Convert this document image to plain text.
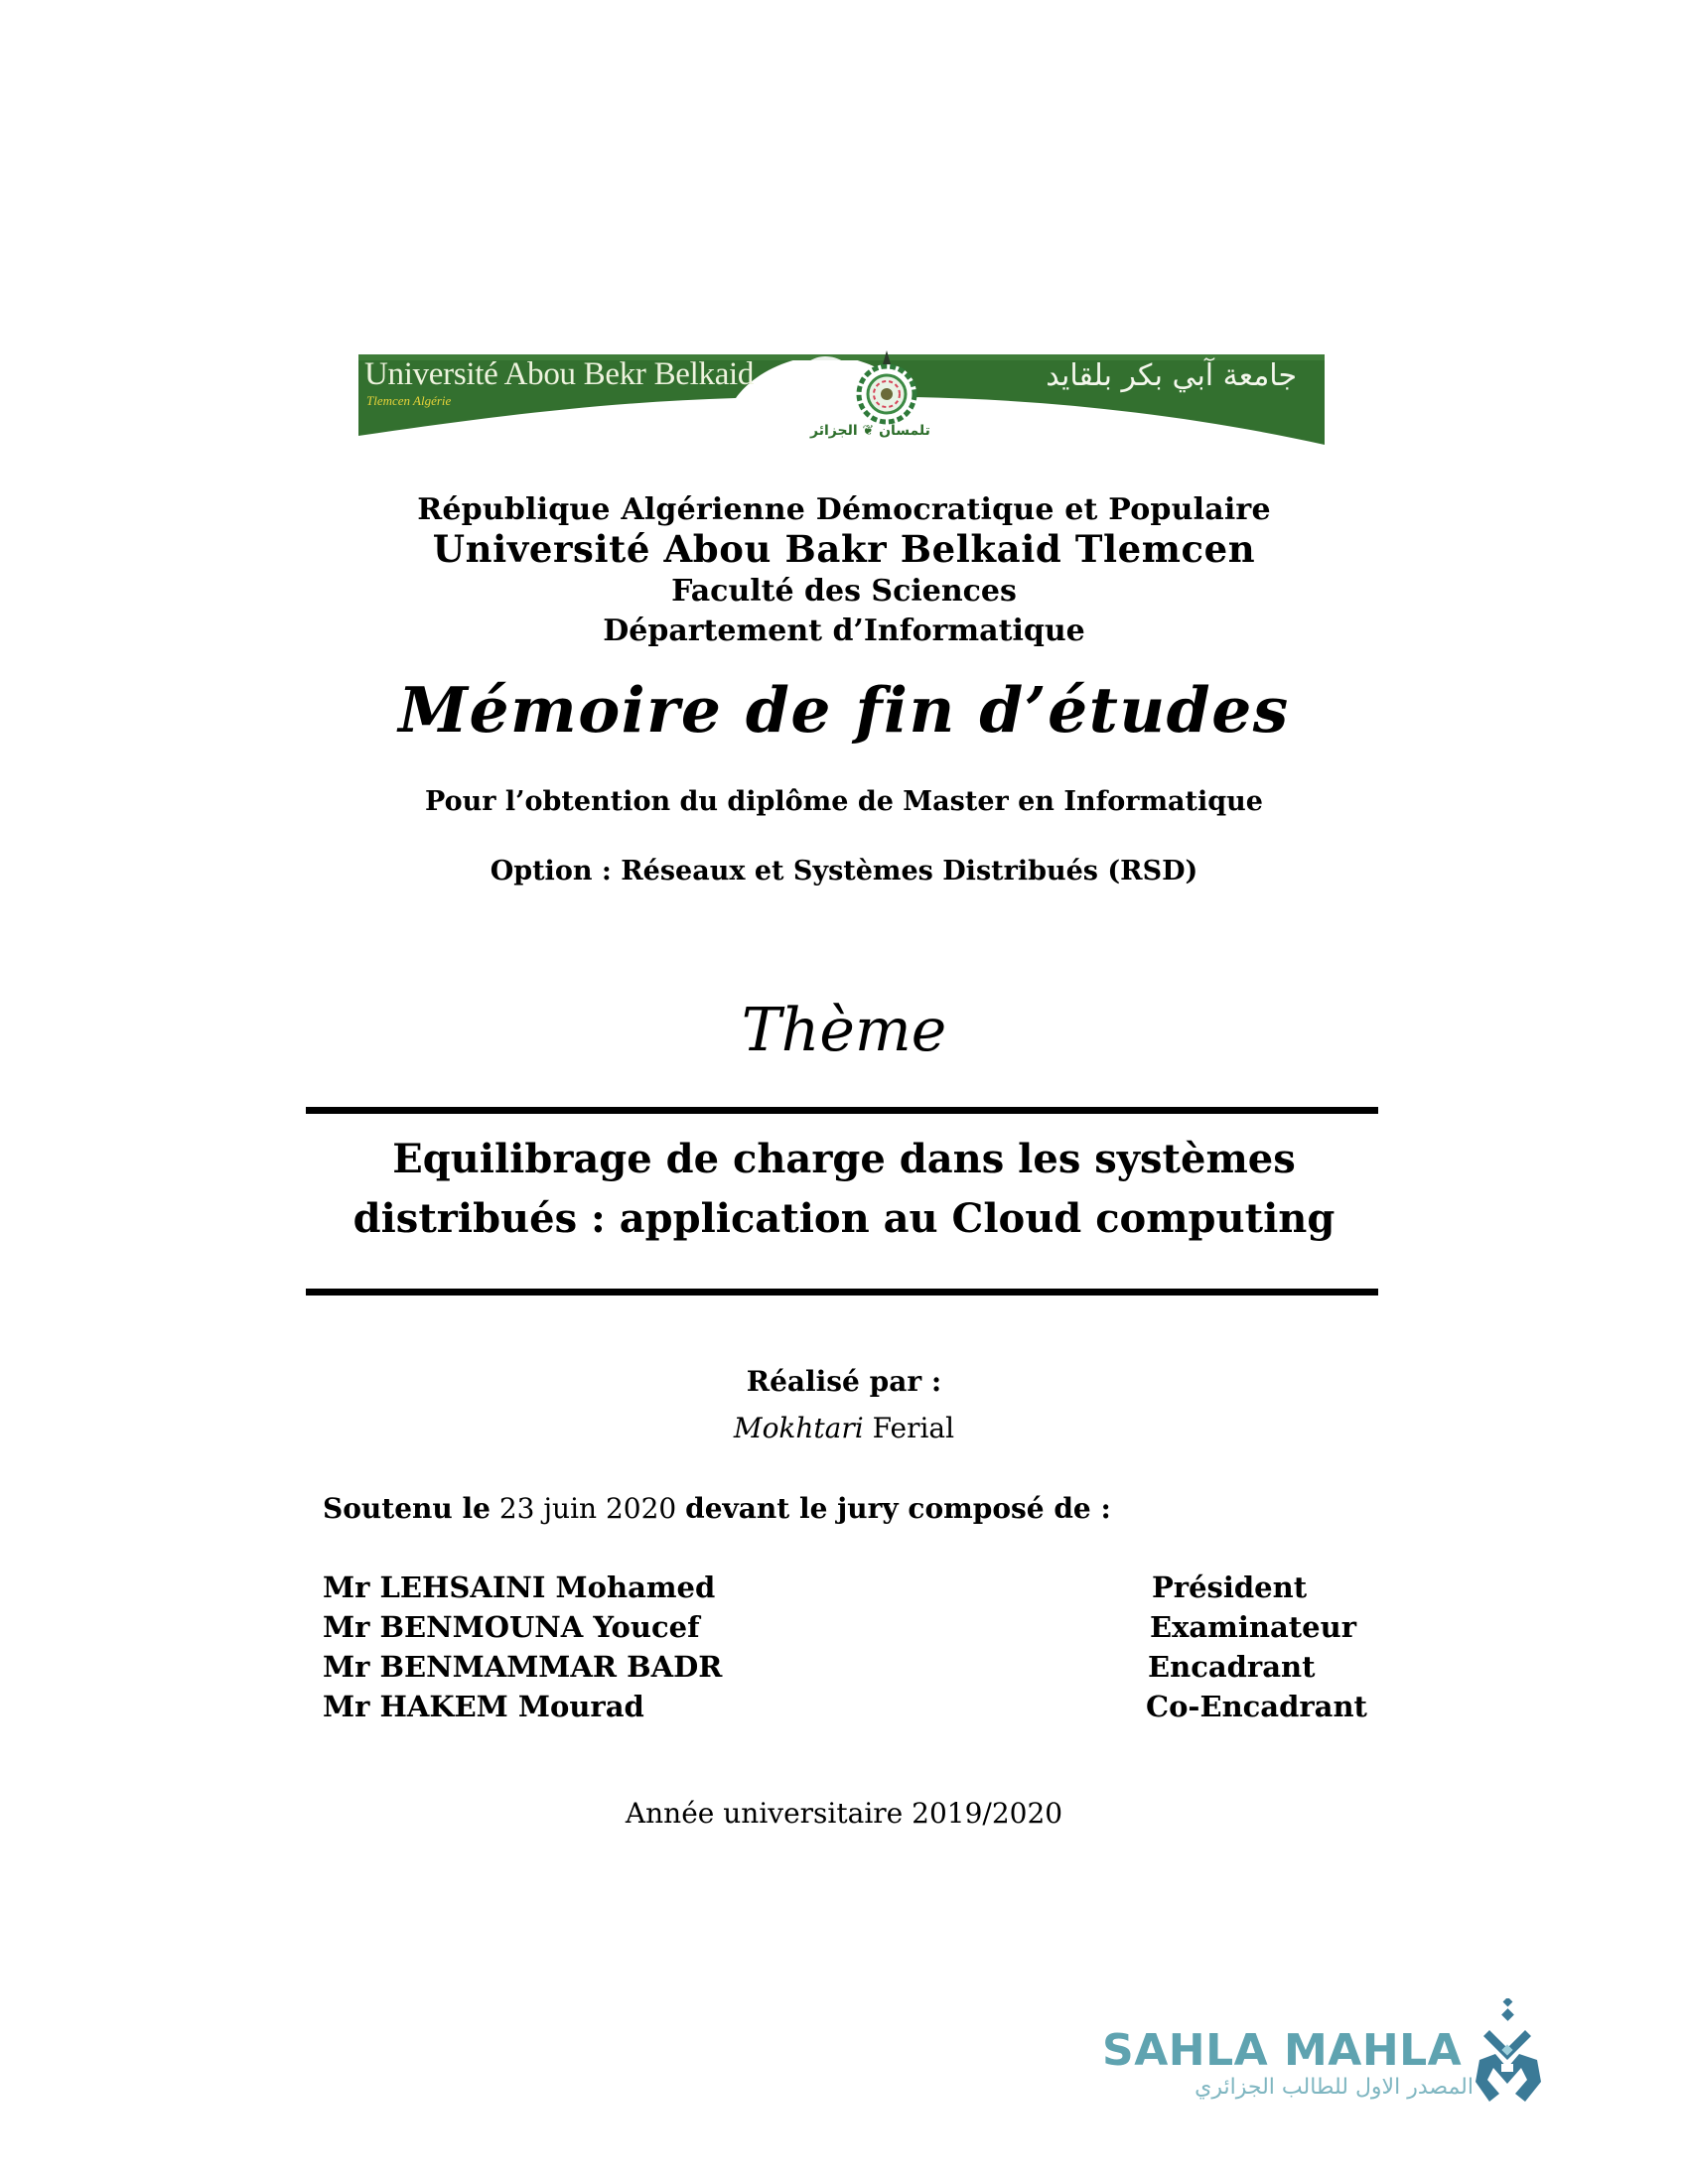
Université Abou Bekr Belkaid
Tlemcen Algérie
جامعة آبي بكر بلقايد
تلمسان ❦ الجزائر
République Algérienne Démocratique et Populaire
Université Abou Bakr Belkaid Tlemcen
Faculté des Sciences
Département d’Informatique
Mémoire de fin d’études
Pour l’obtention du diplôme de Master en Informatique
Option : Réseaux et Systèmes Distribués (RSD)
Thème
Equilibrage de charge dans les systèmes
distribués : application au Cloud computing
Réalisé par :
Mokhtari Ferial
Soutenu le 23 juin 2020 devant le jury composé de :
Mr LEHSAINI Mohamed	Président
Mr BENMOUNA Youcef	Examinateur
Mr BENMAMMAR BADR	Encadrant
Mr HAKEM Mourad	Co-Encadrant
Année universitaire 2019/2020
SAHLA MAHLA
المصدر الاول للطالب الجزائري
